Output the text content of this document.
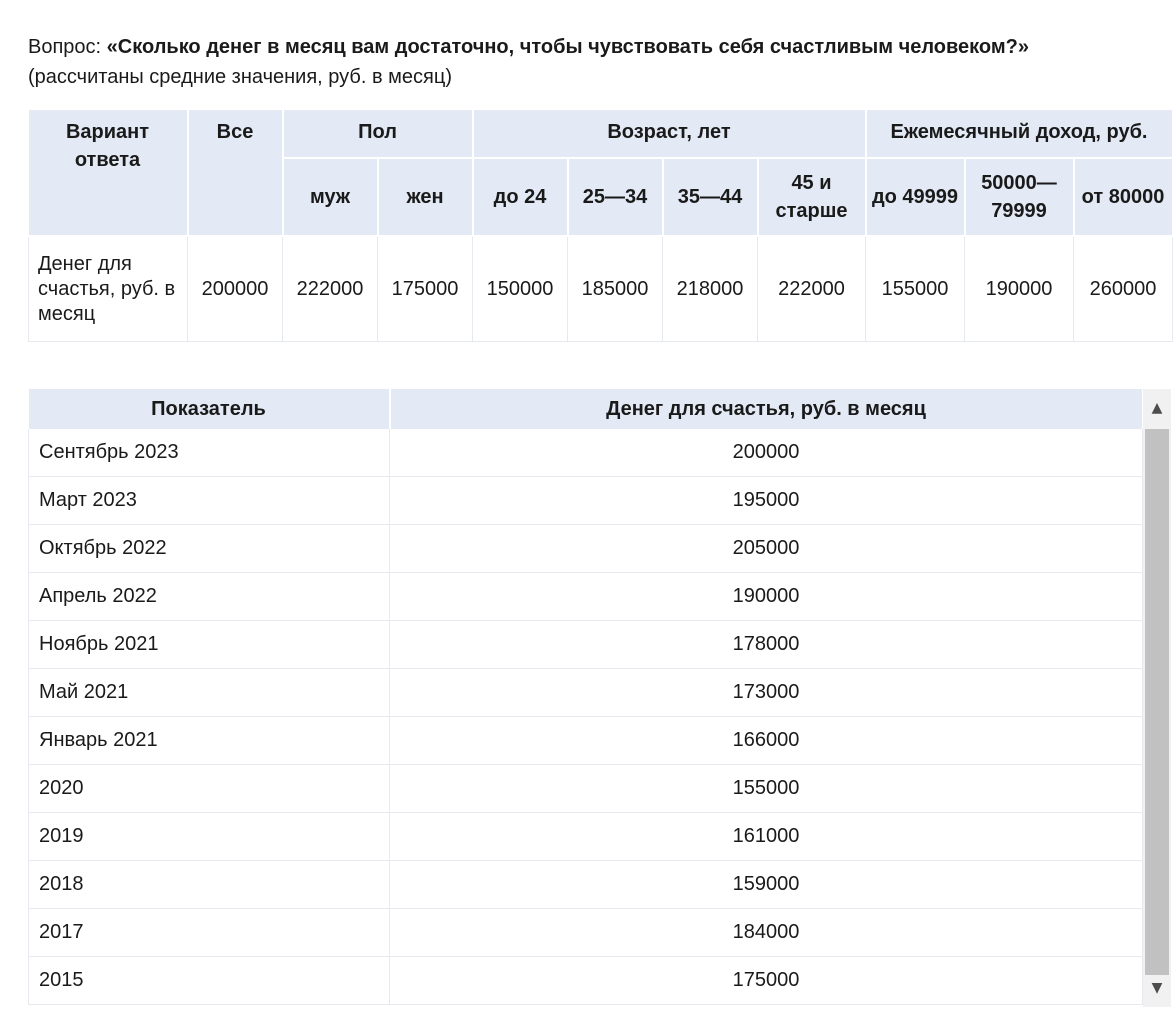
Вопрос: «Сколько денег в месяц вам достаточно, чтобы чувствовать себя счастливым человеком?»
(рассчитаны средние значения, руб. в месяц)
Вариант ответа	Все	Пол		Возраст, лет				Ежемесячный доход, руб.		
		муж	жен	до 24	25—34	35—44	45 и старше	до 49999	50000—79999	от 80000
Денег для счастья, руб. в месяц	200000	222000	175000	150000	185000	218000	222000	155000	190000	260000
Показатель	Денег для счастья, руб. в месяц
Сентябрь 2023	200000
Март 2023	195000
Октябрь 2022	205000
Апрель 2022	190000
Ноябрь 2021	178000
Май 2021	173000
Январь 2021	166000
2020	155000
2019	161000
2018	159000
2017	184000
2015	175000
▲
▼
